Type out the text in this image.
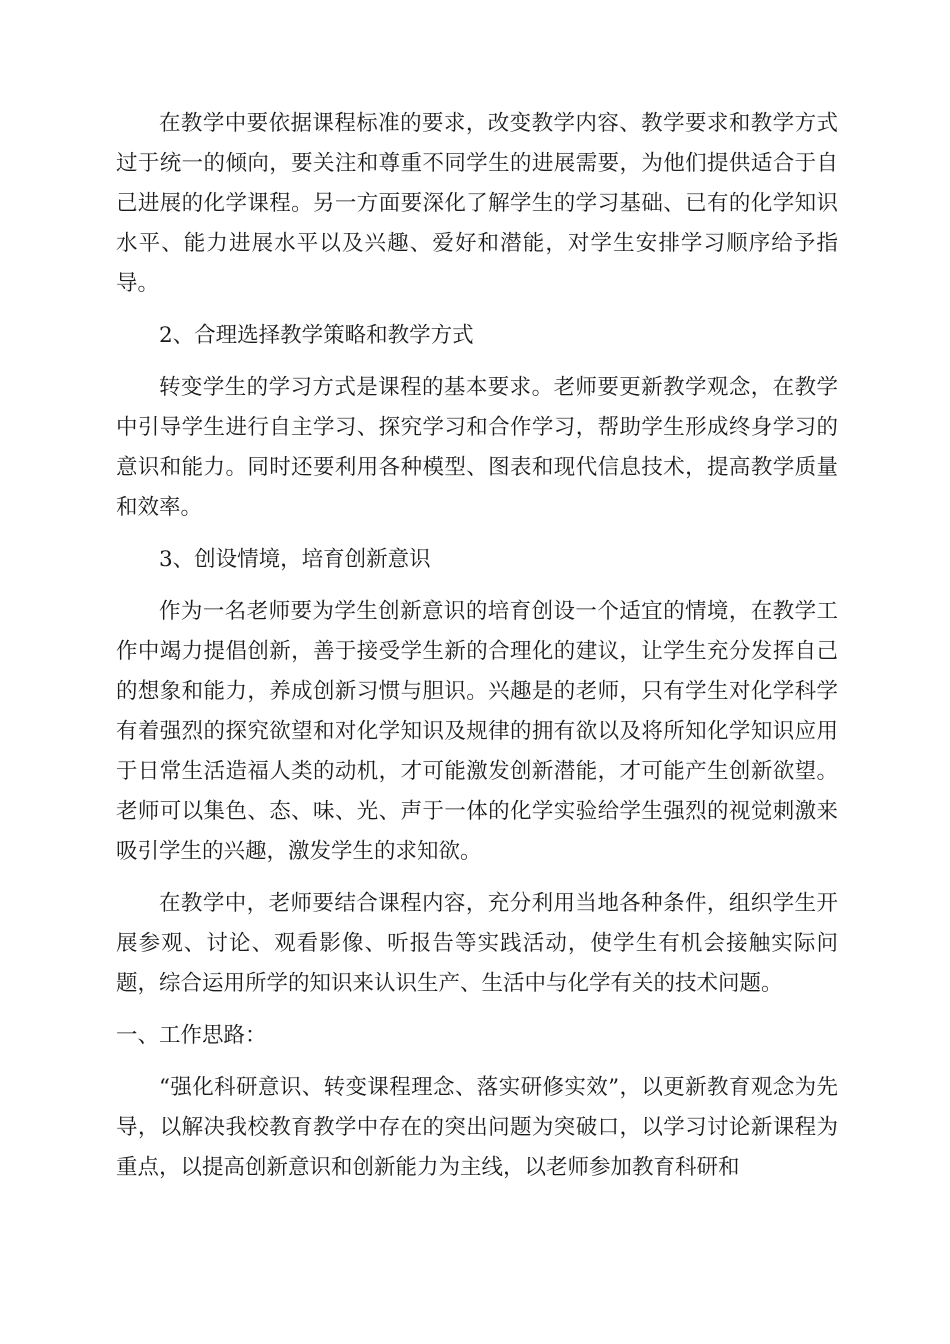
在教学中要依据课程标准的要求，改变教学内容、教学要求和教学方式过于统一的倾向，要关注和尊重不同学生的进展需要，为他们提供适合于自己进展的化学课程。另一方面要深化了解学生的学习基础、已有的化学知识水平、能力进展水平以及兴趣、爱好和潜能，对学生安排学习顺序给予指导。

2、合理选择教学策略和教学方式

转变学生的学习方式是课程的基本要求。老师要更新教学观念，在教学中引导学生进行自主学习、探究学习和合作学习，帮助学生形成终身学习的意识和能力。同时还要利用各种模型、图表和现代信息技术，提高教学质量和效率。

3、创设情境，培育创新意识

作为一名老师要为学生创新意识的培育创设一个适宜的情境，在教学工作中竭力提倡创新，善于接受学生新的合理化的建议，让学生充分发挥自己的想象和能力，养成创新习惯与胆识。兴趣是的老师，只有学生对化学科学有着强烈的探究欲望和对化学知识及规律的拥有欲以及将所知化学知识应用于日常生活造福人类的动机，才可能激发创新潜能，才可能产生创新欲望。老师可以集色、态、味、光、声于一体的化学实验给学生强烈的视觉刺激来吸引学生的兴趣，激发学生的求知欲。

在教学中，老师要结合课程内容，充分利用当地各种条件，组织学生开展参观、讨论、观看影像、听报告等实践活动，使学生有机会接触实际问题，综合运用所学的知识来认识生产、生活中与化学有关的技术问题。

一、工作思路：

“强化科研意识、转变课程理念、落实研修实效”，以更新教育观念为先导，以解决我校教育教学中存在的突出问题为突破口，以学习讨论新课程为重点，以提高创新意识和创新能力为主线，以老师参加教育科研和
